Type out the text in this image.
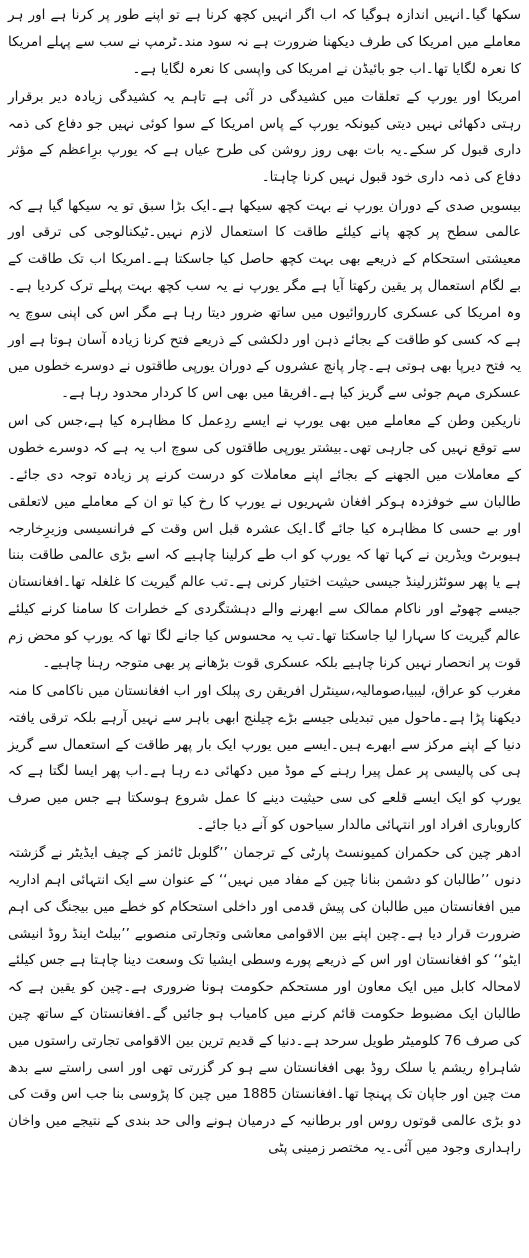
سکھا گیا۔انہیں اندازہ ہوگیا کہ اب اگر انہیں کچھ کرنا ہے تو اپنے طور پر کرنا ہے اور ہر معاملے میں امریکا کی طرف دیکھنا ضرورت ہے نہ سود مند۔ٹرمپ نے سب سے پہلے امریکا کا نعرہ لگایا تھا۔اب جو بائیڈن نے امریکا کی واپسی کا نعرہ لگایا ہے۔

امریکا اور یورپ کے تعلقات میں کشیدگی در آئی ہے تاہم یہ کشیدگی زیادہ دیر برقرار رہتی دکھائی نہیں دیتی کیونکہ یورپ کے پاس امریکا کے سوا کوئی نہیں جو دفاع کی ذمہ داری قبول کر سکے۔یہ بات بھی روز روشن کی طرح عیاں ہے کہ یورپ برِاعظم کے مؤثر دفاع کی ذمہ داری خود قبول نہیں کرنا چاہتا۔

بیسویں صدی کے دوران یورپ نے بہت کچھ سیکھا ہے۔ایک بڑا سبق تو یہ سیکھا گیا ہے کہ عالمی سطح پر کچھ پانے کیلئے طاقت کا استعمال لازم نہیں۔ٹیکنالوجی کی ترقی اور معیشتی استحکام کے ذریعے بھی بہت کچھ حاصل کیا جاسکتا ہے۔امریکا اب تک طاقت کے بے لگام استعمال پر یقین رکھتا آیا ہے مگر یورپ نے یہ سب کچھ بہت پہلے ترک کردیا ہے۔وہ امریکا کی عسکری کارروائیوں میں ساتھ ضرور دیتا رہا ہے مگر اس کی اپنی سوچ یہ ہے کہ کسی کو طاقت کے بجائے ذہن اور دلکشی کے ذریعے فتح کرنا زیادہ آسان ہوتا ہے اور یہ فتح دیرپا بھی ہوتی ہے۔چار پانچ عشروں کے دوران یورپی طاقتوں نے دوسرے خطوں میں عسکری مہم جوئی سے گریز کیا ہے۔افریقا میں بھی اس کا کردار محدود رہا ہے۔

ناریکین وطن کے معاملے میں بھی یورپ نے ایسے ردِعمل کا مظاہرہ کیا ہے،جس کی اس سے توقع نہیں کی جارہی تھی۔بیشتر یورپی طاقتوں کی سوچ اب یہ ہے کہ دوسرے خطوں کے معاملات میں الجھنے کے بجائے اپنے معاملات کو درست کرنے پر زیادہ توجہ دی جائے۔طالبان سے خوفزدہ ہوکر افغان شہریوں نے یورپ کا رخ کیا تو ان کے معاملے میں لاتعلقی اور بے حسی کا مظاہرہ کیا جائے گا۔ایک عشرہ قبل اس وقت کے فرانسیسی وزیرِخارجہ ہیوبرٹ ویڈرین نے کہا تھا کہ یورپ کو اب طے کرلینا چاہیے کہ اسے بڑی عالمی طاقت بننا ہے یا پھر سوئٹزرلینڈ جیسی حیثیت اختیار کرنی ہے۔تب عالم گیریت کا غلغلہ تھا۔افغانستان جیسے چھوٹے اور ناکام ممالک سے ابھرنے والے دہشتگردی کے خطرات کا سامنا کرنے کیلئے عالم گیریت کا سہارا لیا جاسکتا تھا۔تب یہ محسوس کیا جانے لگا تھا کہ یورپ کو محض زم قوت پر انحصار نہیں کرنا چاہیے بلکہ عسکری قوت بڑھانے پر بھی متوجہ رہنا چاہیے۔

مغرب کو عراق، لیبیا،صومالیہ،سینٹرل افریقن ری پبلک اور اب افغانستان میں ناکامی کا منہ دیکھنا پڑا ہے۔ماحول میں تبدیلی جیسے بڑے چیلنج ابھی باہر سے نہیں آرہے بلکہ ترقی یافتہ دنیا کے اپنے مرکز سے ابھرے ہیں۔ایسے میں یورپ ایک بار پھر طاقت کے استعمال سے گریز ہی کی پالیسی پر عمل پیرا رہنے کے موڈ میں دکھائی دے رہا ہے۔اب پھر ایسا لگتا ہے کہ یورپ کو ایک ایسے قلعے کی سی حیثیت دینے کا عمل شروع ہوسکتا ہے جس میں صرف کاروباری افراد اور انتہائی مالدار سیاحوں کو آنے دیا جائے۔

ادھر چین کی حکمران کمیونسٹ پارٹی کے ترجمان ’’گلوبل ٹائمز کے چیف ایڈیٹر نے گزشتہ دنوں ’’طالبان کو دشمن بنانا چین کے مفاد میں نہیں‘‘ کے عنوان سے ایک انتہائی اہم اداریہ میں افغانستان میں طالبان کی پیش قدمی اور داخلی استحکام کو خطے میں بیجنگ کی اہم ضرورت قرار دیا ہے۔چین اپنے بین الاقوامی معاشی وتجارتی منصوبے ’’بیلٹ اینڈ روڈ انیشی ایٹو‘‘ کو افغانستان اور اس کے ذریعے پورے وسطی ایشیا تک وسعت دینا چاہتا ہے جس کیلئے لامحالہ کابل میں ایک معاون اور مستحکم حکومت ہونا ضروری ہے۔چین کو یقین ہے کہ طالبان ایک مضبوط حکومت قائم کرنے میں کامیاب ہو جائیں گے۔افغانستان کے ساتھ چین کی صرف 76 کلومیٹر طویل سرحد ہے۔دنیا کے قدیم ترین بین الاقوامی تجارتی راستوں میں شاہراہِ ریشم یا سلک روڈ بھی افغانستان سے ہو کر گزرتی تھی اور اسی راستے سے بدھ مت چین اور جاپان تک پہنچا تھا۔افغانستان 1885 میں چین کا پڑوسی بنا جب اس وقت کی دو بڑی عالمی قوتوں روس اور برطانیہ کے درمیان ہونے والی حد بندی کے نتیجے میں واخان راہداری وجود میں آئی۔یہ مختصر زمینی پٹی
